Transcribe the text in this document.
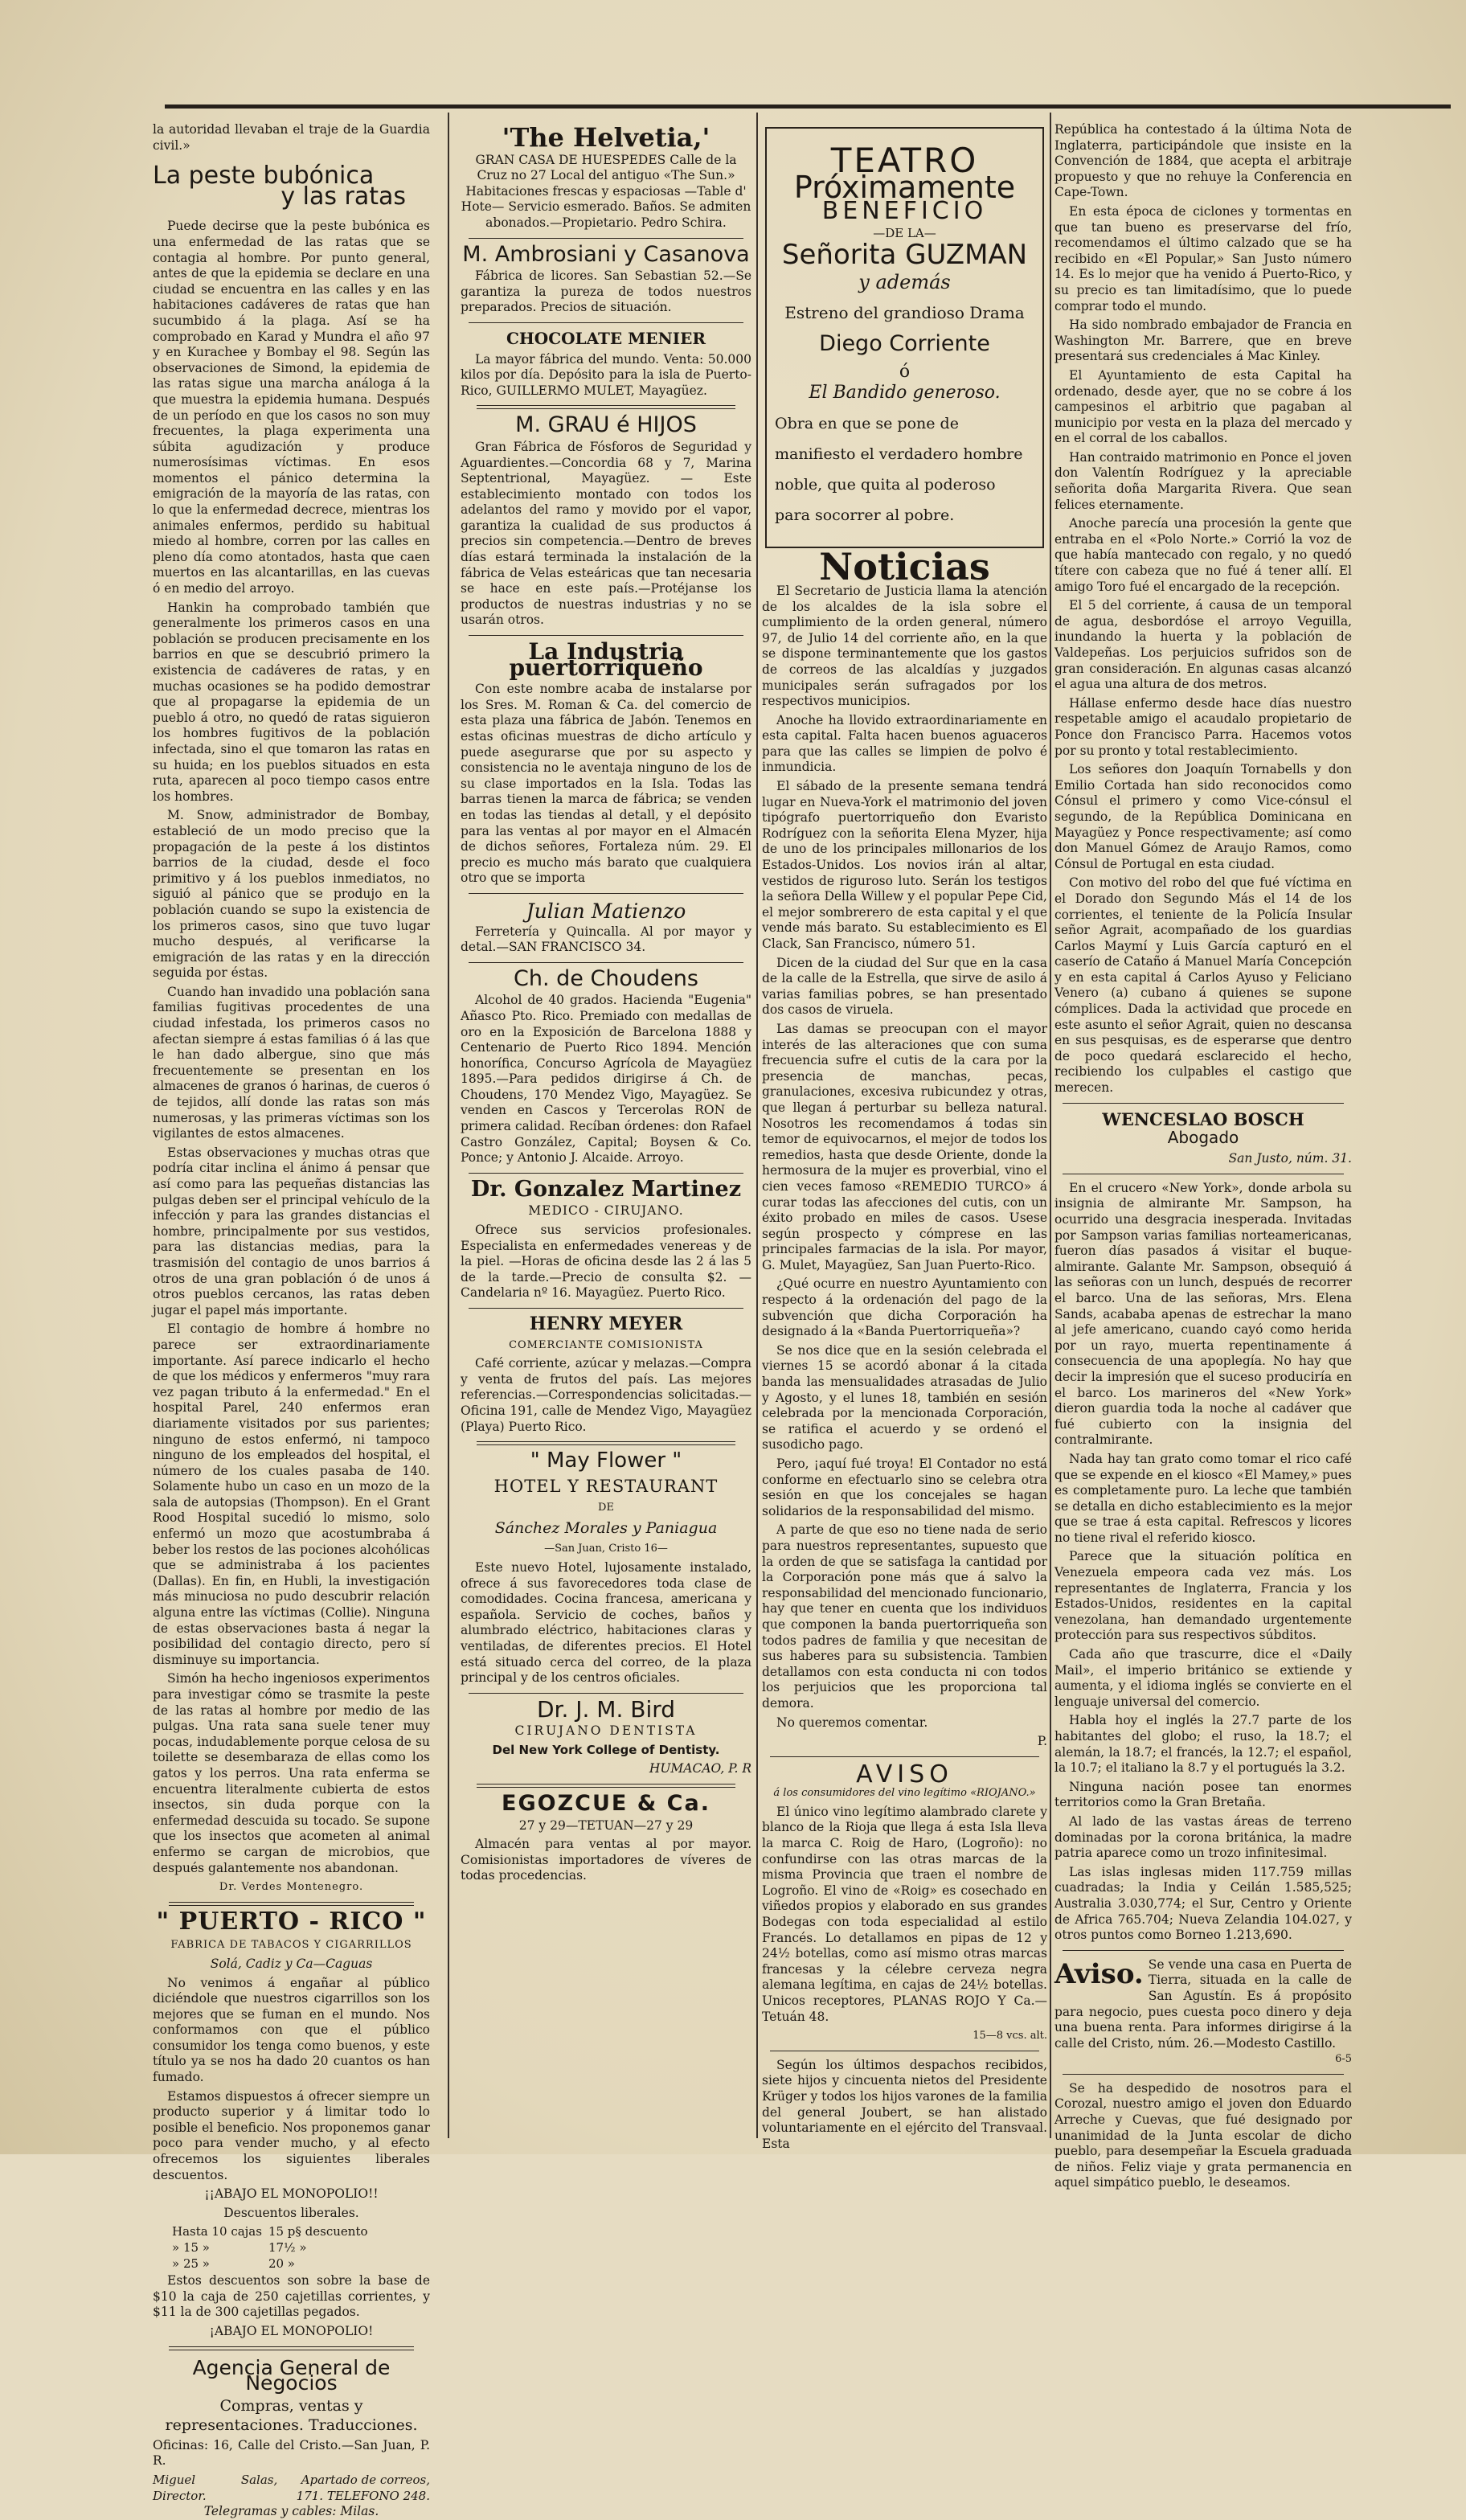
la autoridad llevaban el traje de la Guardia civil.»

La peste bubónica
y las ratas

Puede decirse que la peste bubónica es una enfermedad de las ratas que se contagia al hombre. Por punto general, antes de que la epidemia se declare en una ciudad se encuentra en las calles y en las habitaciones cadáveres de ratas que han sucumbido á la plaga. Así se ha comprobado en Karad y Mundra el año 97 y en Kurachee y Bombay el 98. Según las observaciones de Simond, la epidemia de las ratas sigue una marcha análoga á la que muestra la epidemia humana. Después de un período en que los casos no son muy frecuentes, la plaga experimenta una súbita agudización y produce numerosísimas víctimas. En esos momentos el pánico determina la emigración de la mayoría de las ratas, con lo que la enfermedad decrece, mientras los animales enfermos, perdido su habitual miedo al hombre, corren por las calles en pleno día como atontados, hasta que caen muertos en las alcantarillas, en las cuevas ó en medio del arroyo.

Hankin ha comprobado también que generalmente los primeros casos en una población se producen precisamente en los barrios en que se descubrió primero la existencia de cadáveres de ratas, y en muchas ocasiones se ha podido demostrar que al propagarse la epidemia de un pueblo á otro, no quedó de ratas siguieron los hombres fugitivos de la población infectada, sino el que tomaron las ratas en su huida; en los pueblos situados en esta ruta, aparecen al poco tiempo casos entre los hombres.

M. Snow, administrador de Bombay, estableció de un modo preciso que la propagación de la peste á los distintos barrios de la ciudad, desde el foco primitivo y á los pueblos inmediatos, no siguió al pánico que se produjo en la población cuando se supo la existencia de los primeros casos, sino que tuvo lugar mucho después, al verificarse la emigración de las ratas y en la dirección seguida por éstas.

Cuando han invadido una población sana familias fugitivas procedentes de una ciudad infestada, los primeros casos no afectan siempre á estas familias ó á las que le han dado albergue, sino que más frecuentemente se presentan en los almacenes de granos ó harinas, de cueros ó de tejidos, allí donde las ratas son más numerosas, y las primeras víctimas son los vigilantes de estos almacenes.

Estas observaciones y muchas otras que podría citar inclina el ánimo á pensar que así como para las pequeñas distancias las pulgas deben ser el principal vehículo de la infección y para las grandes distancias el hombre, principalmente por sus vestidos, para las distancias medias, para la trasmisión del contagio de unos barrios á otros de una gran población ó de unos á otros pueblos cercanos, las ratas deben jugar el papel más importante.

El contagio de hombre á hombre no parece ser extraordinariamente importante. Así parece indicarlo el hecho de que los médicos y enfermeros "muy rara vez pagan tributo á la enfermedad." En el hospital Parel, 240 enfermos eran diariamente visitados por sus parientes; ninguno de estos enfermó, ni tampoco ninguno de los empleados del hospital, el número de los cuales pasaba de 140. Solamente hubo un caso en un mozo de la sala de autopsias (Thompson). En el Grant Rood Hospital sucedió lo mismo, solo enfermó un mozo que acostumbraba á beber los restos de las pociones alcohólicas que se administraba á los pacientes (Dallas). En fin, en Hubli, la investigación más minuciosa no pudo descubrir relación alguna entre las víctimas (Collie). Ninguna de estas observaciones basta á negar la posibilidad del contagio directo, pero sí disminuye su importancia.

Simón ha hecho ingeniosos experimentos para investigar cómo se trasmite la peste de las ratas al hombre por medio de las pulgas. Una rata sana suele tener muy pocas, indudablemente porque celosa de su toilette se desembaraza de ellas como los gatos y los perros. Una rata enferma se encuentra literalmente cubierta de estos insectos, sin duda porque con la enfermedad descuida su tocado. Se supone que los insectos que acometen al animal enfermo se cargan de microbios, que después galantemente nos abandonan.

Dr. Verdes Montenegro.

" PUERTO - RICO "

FABRICA DE TABACOS Y CIGARRILLOS

Solá, Cadiz y Ca—Caguas

No venimos á engañar al público diciéndole que nuestros cigarrillos son los mejores que se fuman en el mundo. Nos conformamos con que el público consumidor los tenga como buenos, y este título ya se nos ha dado 20 cuantos os han fumado.

Estamos dispuestos á ofrecer siempre un producto superior y á limitar todo lo posible el beneficio. Nos proponemos ganar poco para vender mucho, y al efecto ofrecemos los siguientes liberales descuentos.

¡¡ABAJO EL MONOPOLIO!!

Descuentos liberales.

Hasta 10 cajas	15 p§ descuento
» 15 »	17½ »
» 25 »	20 »

Estos descuentos son sobre la base de $10 la caja de 250 cajetillas corrientes, y $11 la de 300 cajetillas pegados.

¡ABAJO EL MONOPOLIO!

Agencia General de Negocios

Compras, ventas y representaciones. Traducciones.

Oficinas: 16, Calle del Cristo.—San Juan, P. R.

Miguel Salas, Director.
Apartado de correos, 171. TELEFONO 248.

Telegramas y cables: Milas.

'The Helvetia,'

GRAN CASA DE HUESPEDES Calle de la Cruz no 27 Local del antiguo «The Sun.» Habitaciones frescas y espaciosas —Table d' Hote— Servicio esmerado. Baños. Se admiten abonados.—Propietario. Pedro Schira.

M. Ambrosiani y Casanova

Fábrica de licores. San Sebastian 52.—Se garantiza la pureza de todos nuestros preparados. Precios de situación.

CHOCOLATE MENIER

La mayor fábrica del mundo. Venta: 50.000 kilos por día. Depósito para la isla de Puerto-Rico, GUILLERMO MULET, Mayagüez.

M. GRAU é HIJOS

Gran Fábrica de Fósforos de Seguridad y Aguardientes.—Concordia 68 y 7, Marina Septentrional, Mayagüez. — Este establecimiento montado con todos los adelantos del ramo y movido por el vapor, garantiza la cualidad de sus productos á precios sin competencia.—Dentro de breves días estará terminada la instalación de la fábrica de Velas esteáricas que tan necesaria se hace en este país.—Protéjanse los productos de nuestras industrias y no se usarán otros.

La Industria puertorriqueño

Con este nombre acaba de instalarse por los Sres. M. Roman & Ca. del comercio de esta plaza una fábrica de Jabón. Tenemos en estas oficinas muestras de dicho artículo y puede asegurarse que por su aspecto y consistencia no le aventaja ninguno de los de su clase importados en la Isla. Todas las barras tienen la marca de fábrica; se venden en todas las tiendas al detall, y el depósito para las ventas al por mayor en el Almacén de dichos señores, Fortaleza núm. 29. El precio es mucho más barato que cualquiera otro que se importa

Julian Matienzo

Ferretería y Quincalla. Al por mayor y detal.—SAN FRANCISCO 34.

Ch. de Choudens

Alcohol de 40 grados. Hacienda "Eugenia" Añasco Pto. Rico. Premiado con medallas de oro en la Exposición de Barcelona 1888 y Centenario de Puerto Rico 1894. Mención honorífica, Concurso Agrícola de Mayagüez 1895.—Para pedidos dirigirse á Ch. de Choudens, 170 Mendez Vigo, Mayagüez. Se venden en Cascos y Tercerolas RON de primera calidad. Recíban órdenes: don Rafael Castro González, Capital; Boysen & Co. Ponce; y Antonio J. Alcaide. Arroyo.

Dr. Gonzalez Martinez

MEDICO - CIRUJANO.

Ofrece sus servicios profesionales. Especialista en enfermedades venereas y de la piel. —Horas de oficina desde las 2 á las 5 de la tarde.—Precio de consulta $2. — Candelaria nº 16. Mayagüez. Puerto Rico.

HENRY MEYER

COMERCIANTE COMISIONISTA

Café corriente, azúcar y melazas.—Compra y venta de frutos del país. Las mejores referencias.—Correspondencias solicitadas.—Oficina 191, calle de Mendez Vigo, Mayagüez (Playa) Puerto Rico.

" May Flower "

HOTEL Y RESTAURANT

DE

Sánchez Morales y Paniagua

—San Juan, Cristo 16—

Este nuevo Hotel, lujosamente instalado, ofrece á sus favorecedores toda clase de comodidades. Cocina francesa, americana y española. Servicio de coches, baños y alumbrado eléctrico, habitaciones claras y ventiladas, de diferentes precios. El Hotel está situado cerca del correo, de la plaza principal y de los centros oficiales.

Dr. J. M. Bird

CIRUJANO DENTISTA

Del New York College of Dentisty.

HUMACAO, P. R

EGOZCUE & Ca.

27 y 29—TETUAN—27 y 29

Almacén para ventas al por mayor. Comisionistas importadores de víveres de todas procedencias.

TEATRO
Próximamente
BENEFICIO
—DE LA—
Señorita GUZMAN
y además
Estreno del grandioso Drama
Diego Corriente
ó
El Bandido generoso.
Obra en que se pone de manifiesto el verdadero hombre noble, que quita al poderoso para socorrer al pobre.
Noticias

El Secretario de Justicia llama la atención de los alcaldes de la isla sobre el cumplimiento de la orden general, número 97, de Julio 14 del corriente año, en la que se dispone terminantemente que los gastos de correos de las alcaldías y juzgados municipales serán sufragados por los respectivos municipios.

Anoche ha llovido extraordinariamente en esta capital. Falta hacen buenos aguaceros para que las calles se limpien de polvo é inmundicia.

El sábado de la presente semana tendrá lugar en Nueva-York el matrimonio del joven tipógrafo puertorriqueño don Evaristo Rodríguez con la señorita Elena Myzer, hija de uno de los principales millonarios de los Estados-Unidos. Los novios irán al altar, vestidos de riguroso luto. Serán los testigos la señora Della Willew y el popular Pepe Cid, el mejor sombrerero de esta capital y el que vende más barato. Su establecimiento es El Clack, San Francisco, número 51.

Dicen de la ciudad del Sur que en la casa de la calle de la Estrella, que sirve de asilo á varias familias pobres, se han presentado dos casos de viruela.

Las damas se preocupan con el mayor interés de las alteraciones que con suma frecuencia sufre el cutis de la cara por la presencia de manchas, pecas, granulaciones, excesiva rubicundez y otras, que llegan á perturbar su belleza natural. Nosotros les recomendamos á todas sin temor de equivocarnos, el mejor de todos los remedios, hasta que desde Oriente, donde la hermosura de la mujer es proverbial, vino el cien veces famoso «REMEDIO TURCO» á curar todas las afecciones del cutis, con un éxito probado en miles de casos. Usese según prospecto y cómprese en las principales farmacias de la isla. Por mayor, G. Mulet, Mayagüez, San Juan Puerto-Rico.

¿Qué ocurre en nuestro Ayuntamiento con respecto á la ordenación del pago de la subvención que dicha Corporación ha designado á la «Banda Puertorriqueña»?

Se nos dice que en la sesión celebrada el viernes 15 se acordó abonar á la citada banda las mensualidades atrasadas de Julio y Agosto, y el lunes 18, también en sesión celebrada por la mencionada Corporación, se ratifica el acuerdo y se ordenó el susodicho pago.

Pero, ¡aquí fué troya! El Contador no está conforme en efectuarlo sino se celebra otra sesión en que los concejales se hagan solidarios de la responsabilidad del mismo.

A parte de que eso no tiene nada de serio para nuestros representantes, supuesto que la orden de que se satisfaga la cantidad por la Corporación pone más que á salvo la responsabilidad del mencionado funcionario, hay que tener en cuenta que los individuos que componen la banda puertorriqueña son todos padres de familia y que necesitan de sus haberes para su subsistencia. Tambien detallamos con esta conducta ni con todos los perjuicios que les proporciona tal demora.

No queremos comentar.

P.

AVISO

á los consumidores del vino legítimo «RIOJANO.»

El único vino legítimo alambrado clarete y blanco de la Rioja que llega á esta Isla lleva la marca C. Roig de Haro, (Logroño): no confundirse con las otras marcas de la misma Provincia que traen el nombre de Logroño. El vino de «Roig» es cosechado en viñedos propios y elaborado en sus grandes Bodegas con toda especialidad al estilo Francés. Lo detallamos en pipas de 12 y 24½ botellas, como así mismo otras marcas francesas y la célebre cerveza negra alemana legítima, en cajas de 24½ botellas. Unicos receptores, PLANAS ROJO Y Ca.—Tetuán 48.

15—8 vcs. alt.

Según los últimos despachos recibidos, siete hijos y cincuenta nietos del Presidente Krüger y todos los hijos varones de la familia del general Joubert, se han alistado voluntariamente en el ejército del Transvaal. Esta

República ha contestado á la última Nota de Inglaterra, participándole que insiste en la Convención de 1884, que acepta el arbitraje propuesto y que no rehuye la Conferencia en Cape-Town.

En esta época de ciclones y tormentas en que tan bueno es preservarse del frío, recomendamos el último calzado que se ha recibido en «El Popular,» San Justo número 14. Es lo mejor que ha venido á Puerto-Rico, y su precio es tan limitadísimo, que lo puede comprar todo el mundo.

Ha sido nombrado embajador de Francia en Washington Mr. Barrere, que en breve presentará sus credenciales á Mac Kinley.

El Ayuntamiento de esta Capital ha ordenado, desde ayer, que no se cobre á los campesinos el arbitrio que pagaban al municipio por vesta en la plaza del mercado y en el corral de los caballos.

Han contraido matrimonio en Ponce el joven don Valentín Rodríguez y la apreciable señorita doña Margarita Rivera. Que sean felices eternamente.

Anoche parecía una procesión la gente que entraba en el «Polo Norte.» Corrió la voz de que había mantecado con regalo, y no quedó títere con cabeza que no fué á tener allí. El amigo Toro fué el encargado de la recepción.

El 5 del corriente, á causa de un temporal de agua, desbordóse el arroyo Veguilla, inundando la huerta y la población de Valdepeñas. Los perjuicios sufridos son de gran consideración. En algunas casas alcanzó el agua una altura de dos metros.

Hállase enfermo desde hace días nuestro respetable amigo el acaudalo propietario de Ponce don Francisco Parra. Hacemos votos por su pronto y total restablecimiento.

Los señores don Joaquín Tornabells y don Emilio Cortada han sido reconocidos como Cónsul el primero y como Vice-cónsul el segundo, de la República Dominicana en Mayagüez y Ponce respectivamente; así como don Manuel Gómez de Araujo Ramos, como Cónsul de Portugal en esta ciudad.

Con motivo del robo del que fué víctima en el Dorado don Segundo Más el 14 de los corrientes, el teniente de la Policía Insular señor Agrait, acompañado de los guardias Carlos Maymí y Luis García capturó en el caserío de Cataño á Manuel María Concepción y en esta capital á Carlos Ayuso y Feliciano Venero (a) cubano á quienes se supone cómplices. Dada la actividad que procede en este asunto el señor Agrait, quien no descansa en sus pesquisas, es de esperarse que dentro de poco quedará esclarecido el hecho, recibiendo los culpables el castigo que merecen.

WENCESLAO BOSCH

Abogado

San Justo, núm. 31.

En el crucero «New York», donde arbola su insignia de almirante Mr. Sampson, ha ocurrido una desgracia inesperada. Invitadas por Sampson varias familias norteamericanas, fueron días pasados á visitar el buque-almirante. Galante Mr. Sampson, obsequió á las señoras con un lunch, después de recorrer el barco. Una de las señoras, Mrs. Elena Sands, acababa apenas de estrechar la mano al jefe americano, cuando cayó como herida por un rayo, muerta repentinamente á consecuencia de una apoplegía. No hay que decir la impresión que el suceso produciría en el barco. Los marineros del «New York» dieron guardia toda la noche al cadáver que fué cubierto con la insignia del contralmirante.

Nada hay tan grato como tomar el rico café que se expende en el kiosco «El Mamey,» pues es completamente puro. La leche que también se detalla en dicho establecimiento es la mejor que se trae á esta capital. Refrescos y licores no tiene rival el referido kiosco.

Parece que la situación política en Venezuela empeora cada vez más. Los representantes de Inglaterra, Francia y los Estados-Unidos, residentes en la capital venezolana, han demandado urgentemente protección para sus respectivos súbditos.

Cada año que trascurre, dice el «Daily Mail», el imperio británico se extiende y aumenta, y el idioma inglés se convierte en el lenguaje universal del comercio.

Habla hoy el inglés la 27.7 parte de los habitantes del globo; el ruso, la 18.7; el alemán, la 18.7; el francés, la 12.7; el español, la 10.7; el italiano la 8.7 y el portugués la 3.2.

Ninguna nación posee tan enormes territorios como la Gran Bretaña.

Al lado de las vastas áreas de terreno dominadas por la corona británica, la madre patria aparece como un trozo infinitesimal.

Las islas inglesas miden 117.759 millas cuadradas; la India y Ceilán 1.585,525; Australia 3.030,774; el Sur, Centro y Oriente de Africa 765.704; Nueva Zelandia 104.027, y otros puntos como Borneo 1.213,690.

Aviso. Se vende una casa en Puerta de Tierra, situada en la calle de San Agustín. Es á propósito para negocio, pues cuesta poco dinero y deja una buena renta. Para informes dirigirse á la calle del Cristo, núm. 26.—Modesto Castillo.
6-5

Se ha despedido de nosotros para el Corozal, nuestro amigo el joven don Eduardo Arreche y Cuevas, que fué designado por unanimidad de la Junta escolar de dicho pueblo, para desempeñar la Escuela graduada de niños. Feliz viaje y grata permanencia en aquel simpático pueblo, le deseamos.
